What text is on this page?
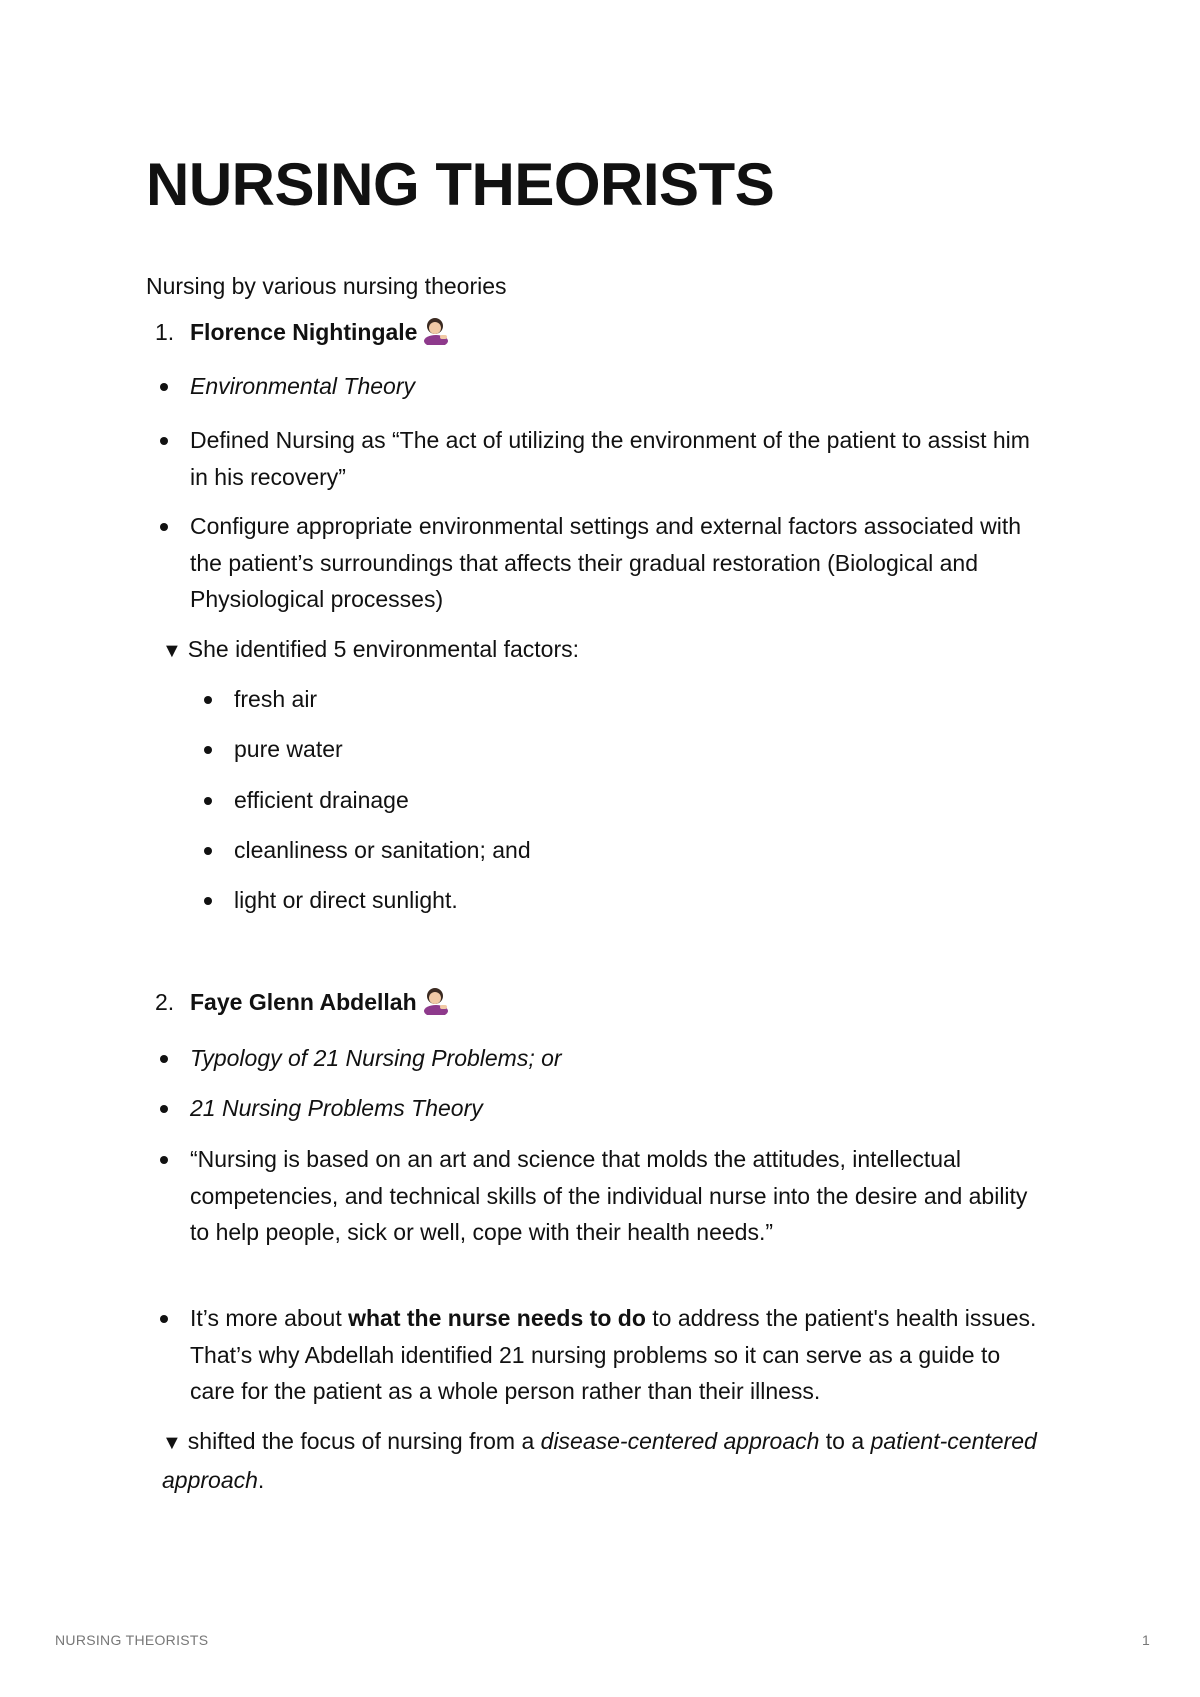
NURSING THEORISTS
Nursing by various nursing theories
1. Florence Nightingale
Environmental Theory
Defined Nursing as “The act of utilizing the environment of the patient to assist him in his recovery”
Configure appropriate environmental settings and external factors associated with the patient’s surroundings that affects their gradual restoration (Biological and Physiological processes)
▼ She identified 5 environmental factors:
fresh air
pure water
efficient drainage
cleanliness or sanitation; and
light or direct sunlight.
2. Faye Glenn Abdellah
Typology of 21 Nursing Problems; or
21 Nursing Problems Theory
“Nursing is based on an art and science that molds the attitudes, intellectual competencies, and technical skills of the individual nurse into the desire and ability to help people, sick or well, cope with their health needs.”
It’s more about what the nurse needs to do to address the patient's health issues. That’s why Abdellah identified 21 nursing problems so it can serve as a guide to care for the patient as a whole person rather than their illness.
▼ shifted the focus of nursing from a disease-centered approach to a patient-centered approach.
NURSING THEORISTS	1
